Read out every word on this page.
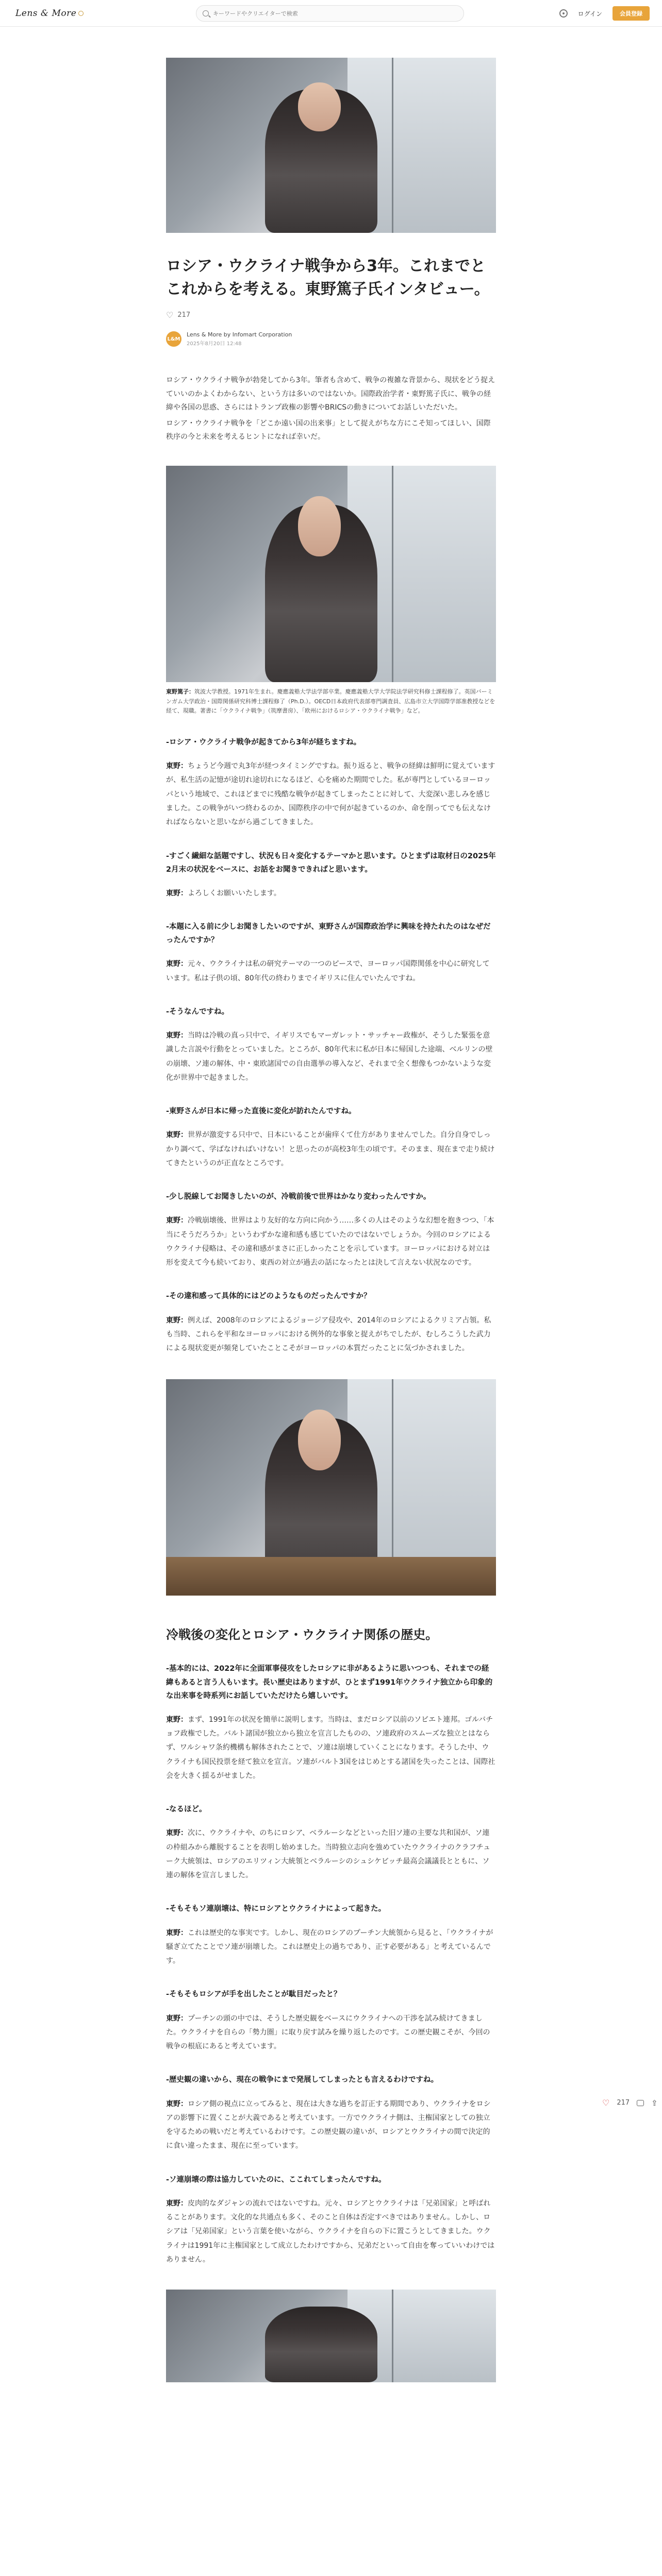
Lens & More
キーワードやクリエイターで検索	ログイン	会員登録
ロシア・ウクライナ戦争から3年。これまでとこれからを考える。東野篤子氏インタビュー。
♡ 217
L&M
Lens & More by Infomart Corporation
2025年8月20日 12:48

ロシア・ウクライナ戦争が勃発してから3年。筆者も含めて、戦争の複雑な背景から、現状をどう捉えていいのかよくわからない、という方は多いのではないか。国際政治学者・東野篤子氏に、戦争の経緯や各国の思惑、さらにはトランプ政権の影響やBRICSの動きについてお話しいただいた。

ロシア・ウクライナ戦争を「どこか遠い国の出来事」として捉えがちな方にこそ知ってほしい、国際秩序の今と未来を考えるヒントになれば幸いだ。

東野篤子：筑波大学教授。1971年生まれ。慶應義塾大学法学部卒業。慶應義塾大学大学院法学研究科修士課程修了。英国バーミンガム大学政治・国際関係研究科博士課程修了（Ph.D.）。OECD日本政府代表部専門調査員、広島市立大学国際学部准教授などを経て、現職。著書に「ウクライナ戦争」（筑摩書房）、「欧州におけるロシア・ウクライナ戦争」など。

-ロシア・ウクライナ戦争が起きてから3年が経ちますね。

東野：ちょうど今週で丸3年が経つタイミングですね。振り返ると、戦争の経緯は鮮明に覚えていますが、私生活の記憶が途切れ途切れになるほど、心を痛めた期間でした。私が専門としているヨーロッパという地域で、これほどまでに残酷な戦争が起きてしまったことに対して、大変深い悲しみを感じました。この戦争がいつ終わるのか、国際秩序の中で何が起きているのか、命を削ってでも伝えなければならないと思いながら過ごしてきました。

-すごく繊細な話題ですし、状況も日々変化するテーマかと思います。ひとまずは取材日の2025年2月末の状況をベースに、お話をお聞きできればと思います。

東野：よろしくお願いいたします。

-本題に入る前に少しお聞きしたいのですが、東野さんが国際政治学に興味を持たれたのはなぜだったんですか？

東野：元々、ウクライナは私の研究テーマの一つのピースで、ヨーロッパ国際関係を中心に研究しています。私は子供の頃、80年代の終わりまでイギリスに住んでいたんですね。

-そうなんですね。

東野：当時は冷戦の真っ只中で、イギリスでもマーガレット・サッチャー政権が、そうした緊張を意識した言説や行動をとっていました。ところが、80年代末に私が日本に帰国した途端、ベルリンの壁の崩壊、ソ連の解体、中・東欧諸国での自由選挙の導入など、それまで全く想像もつかないような変化が世界中で起きました。

-東野さんが日本に帰った直後に変化が訪れたんですね。

東野：世界が激変する只中で、日本にいることが歯痒くて仕方がありませんでした。自分自身でしっかり調べて、学ばなければいけない！と思ったのが高校3年生の頃です。そのまま、現在まで走り続けてきたというのが正直なところです。

-少し脱線してお聞きしたいのが、冷戦前後で世界はかなり変わったんですか。

東野：冷戦崩壊後、世界はより友好的な方向に向かう……多くの人はそのような幻想を抱きつつ、「本当にそうだろうか」というわずかな違和感も感じていたのではないでしょうか。今回のロシアによるウクライナ侵略は、その違和感がまさに正しかったことを示しています。ヨーロッパにおける対立は形を変えて今も続いており、東西の対立が過去の話になったとは決して言えない状況なのです。

-その違和感って具体的にはどのようなものだったんですか？

東野：例えば、2008年のロシアによるジョージア侵攻や、2014年のロシアによるクリミア占領。私も当時、これらを平和なヨーロッパにおける例外的な事象と捉えがちでしたが、むしろこうした武力による現状変更が頻発していたことこそがヨーロッパの本質だったことに気づかされました。

冷戦後の変化とロシア・ウクライナ関係の歴史。

-基本的には、2022年に全面軍事侵攻をしたロシアに非があるように思いつつも、それまでの経緯もあると言う人もいます。長い歴史はありますが、ひとまず1991年ウクライナ独立から印象的な出来事を時系列にお話していただけたら嬉しいです。

東野：まず、1991年の状況を簡単に説明します。当時は、まだロシア以前のソビエト連邦。ゴルバチョフ政権でした。バルト諸国が独立から独立を宣言したものの、ソ連政府のスムーズな独立とはならず、ワルシャワ条約機構も解体されたことで、ソ連は崩壊していくことになります。そうした中、ウクライナも国民投票を経て独立を宣言。ソ連がバルト3国をはじめとする諸国を失ったことは、国際社会を大きく揺るがせました。

-なるほど。

東野：次に、ウクライナや、のちにロシア、ベラルーシなどといった旧ソ連の主要な共和国が、ソ連の枠組みから離脱することを表明し始めました。当時独立志向を強めていたウクライナのクラフチューク大統領は、ロシアのエリツィン大統領とベラルーシのシュシケビッチ最高会議議長とともに、ソ連の解体を宣言しました。

-そもそもソ連崩壊は、特にロシアとウクライナによって起きた。

東野：これは歴史的な事実です。しかし、現在のロシアのプーチン大統領から見ると、「ウクライナが騒ぎ立てたことでソ連が崩壊した。これは歴史上の過ちであり、正す必要がある」と考えているんです。

-そもそもロシアが手を出したことが駄目だったと？

東野：プーチンの頭の中では、そうした歴史観をベースにウクライナへの干渉を試み続けてきました。ウクライナを自らの「勢力圏」に取り戻す試みを繰り返したのです。この歴史観こそが、今回の戦争の根底にあると考えています。

-歴史観の違いから、現在の戦争にまで発展してしまったとも言えるわけですね。

東野：ロシア側の視点に立ってみると、現在は大きな過ちを訂正する期間であり、ウクライナをロシアの影響下に置くことが大義であると考えています。一方でウクライナ側は、主権国家としての独立を守るための戦いだと考えているわけです。この歴史観の違いが、ロシアとウクライナの間で決定的に食い違ったまま、現在に至っています。

-ソ連崩壊の際は協力していたのに、ここれてしまったんですね。

東野：皮肉的なダジャンの流れではないですね。元々、ロシアとウクライナは「兄弟国家」と呼ばれることがあります。文化的な共通点も多く、そのこと自体は否定すべきではありません。しかし、ロシアは「兄弟国家」という言葉を使いながら、ウクライナを自らの下に置こうとしてきました。ウクライナは1991年に主権国家として成立したわけですから、兄弟だといって自由を奪っていいわけではありません。

♡ 217	⇪
